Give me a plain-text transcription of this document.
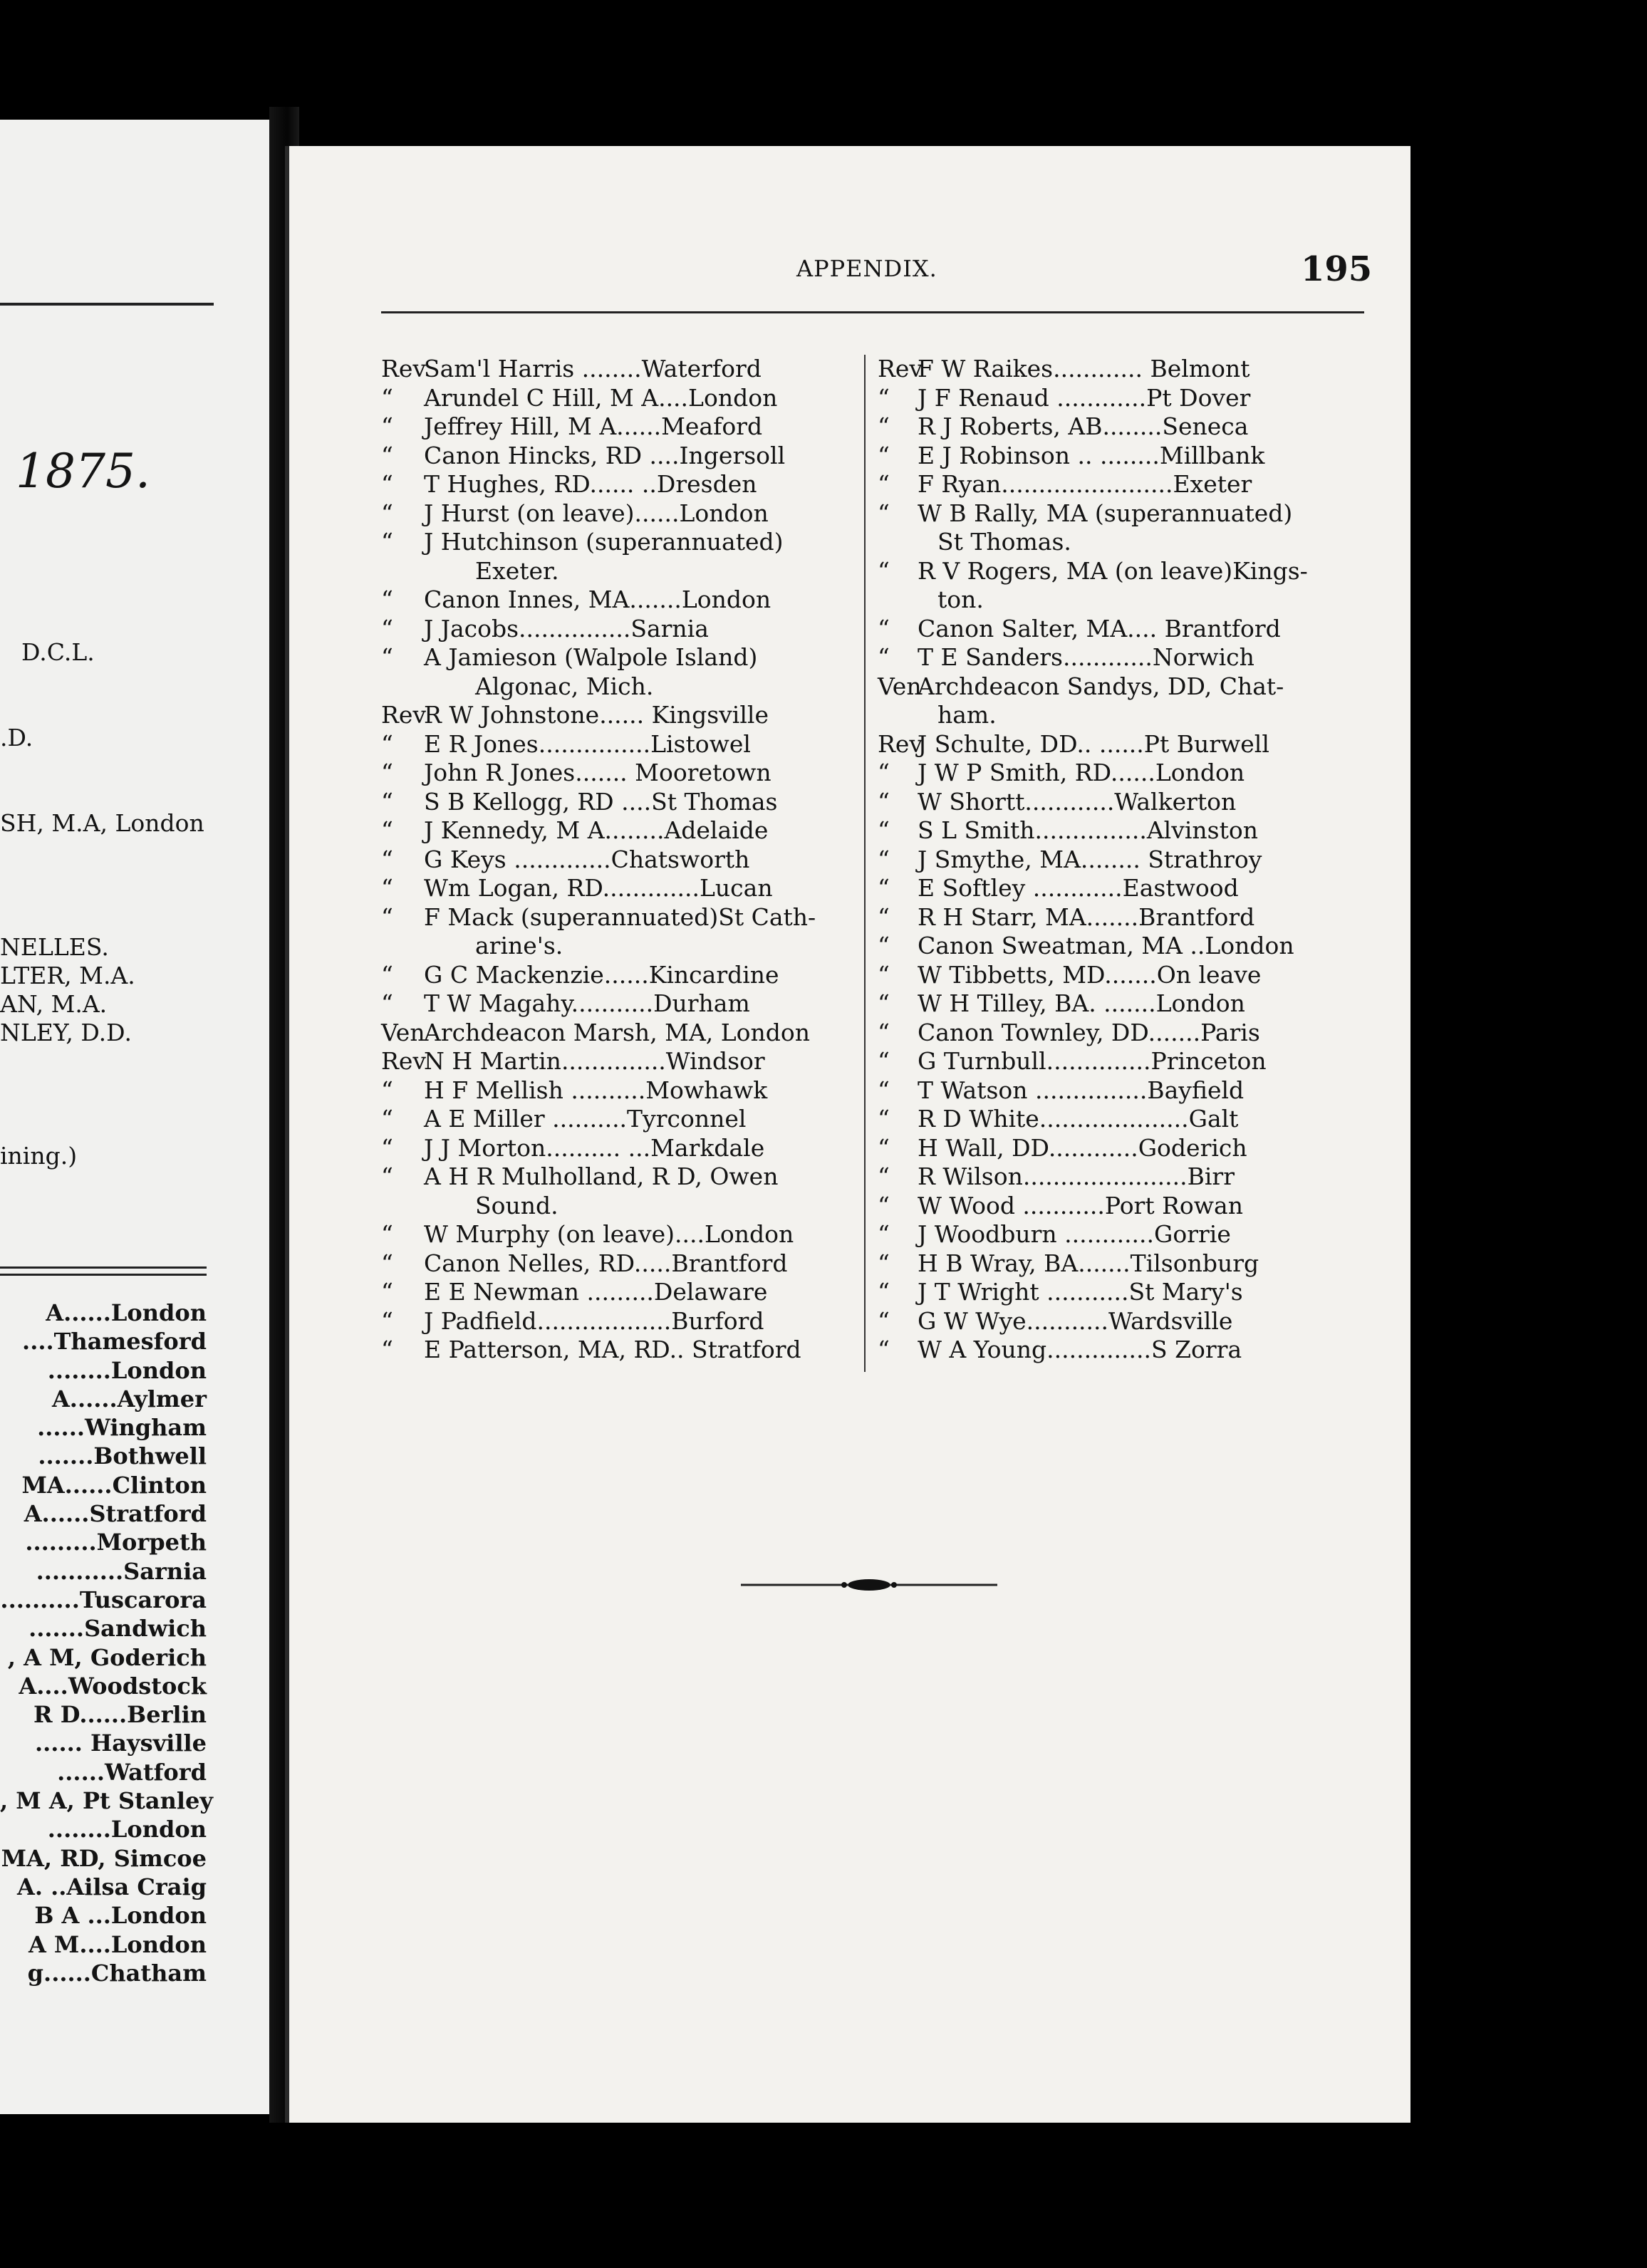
1875.
D.C.L.
.D.
SH, M.A, London
NELLES.
LTER, M.A.
AN, M.A.
NLEY, D.D.
ining.)
A......London
....Thamesford
........London
A......Aylmer
......Wingham
.......Bothwell
MA......Clinton
A......Stratford
.........Morpeth
...........Sarnia
..........Tuscarora
.......Sandwich
, A M, Goderich
A....Woodstock
R D......Berlin
...... Haysville
......Watford
, M A, Pt Stanley
........London
MA, RD, Simcoe
A. ..Ailsa Craig
B A ...London
A M....London
g......Chatham
APPENDIX.	195
RevSam'l Harris ........Waterford
“ Arundel C Hill, M A....London
“ Jeffrey Hill, M A......Meaford
“ Canon Hincks, RD ....Ingersoll
“ T Hughes, RD...... ..Dresden
“ J Hurst (on leave)......London
“ J Hutchinson (superannuated)
Exeter.
“ Canon Innes, MA.......London
“ J Jacobs...............Sarnia
“ A Jamieson (Walpole Island)
Algonac, Mich.
RevR W Johnstone...... Kingsville
“ E R Jones...............Listowel
“ John R Jones....... Mooretown
“ S B Kellogg, RD ....St Thomas
“ J Kennedy, M A........Adelaide
“ G Keys .............Chatsworth
“ Wm Logan, RD.............Lucan
“ F Mack (superannuated)St Cath-
arine's.
“ G C Mackenzie......Kincardine
“ T W Magahy...........Durham
VenArchdeacon Marsh, MA, London
RevN H Martin..............Windsor
“ H F Mellish ..........Mowhawk
“ A E Miller ..........Tyrconnel
“ J J Morton.......... ...Markdale
“ A H R Mulholland, R D, Owen
Sound.
“ W Murphy (on leave)....London
“ Canon Nelles, RD.....Brantford
“ E E Newman .........Delaware
“ J Padfield..................Burford
“ E Patterson, MA, RD.. Stratford
RevF W Raikes............ Belmont
“ J F Renaud ............Pt Dover
“ R J Roberts, AB........Seneca
“ E J Robinson .. ........Millbank
“ F Ryan.......................Exeter
“ W B Rally, MA (superannuated)
St Thomas.
“ R V Rogers, MA (on leave)Kings-
ton.
“ Canon Salter, MA.... Brantford
“ T E Sanders............Norwich
VenArchdeacon Sandys, DD, Chat-
ham.
RevJ Schulte, DD.. ......Pt Burwell
“ J W P Smith, RD......London
“ W Shortt............Walkerton
“ S L Smith...............Alvinston
“ J Smythe, MA........ Strathroy
“ E Softley ............Eastwood
“ R H Starr, MA.......Brantford
“ Canon Sweatman, MA ..London
“ W Tibbetts, MD.......On leave
“ W H Tilley, BA. .......London
“ Canon Townley, DD.......Paris
“ G Turnbull..............Princeton
“ T Watson ...............Bayfield
“ R D White....................Galt
“ H Wall, DD............Goderich
“ R Wilson......................Birr
“ W Wood ...........Port Rowan
“ J Woodburn ............Gorrie
“ H B Wray, BA.......Tilsonburg
“ J T Wright ...........St Mary's
“ G W Wye...........Wardsville
“ W A Young..............S Zorra
